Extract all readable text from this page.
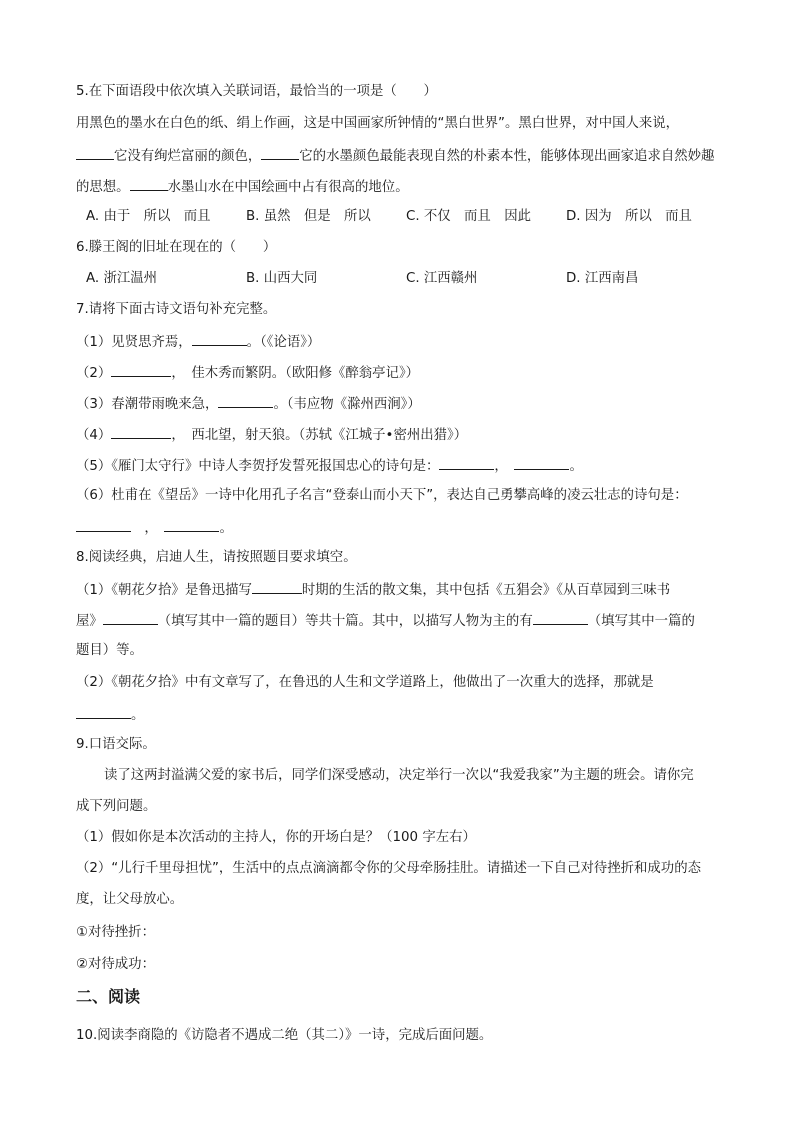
5.在下面语段中依次填入关联词语，最恰当的一项是（　　）
用黑色的墨水在白色的纸、绢上作画，这是中国画家所钟情的“黑白世界”。黑白世界，对中国人来说，
它没有绚烂富丽的颜色，	它的水墨颜色最能表现自然的朴素本性，能够体现出画家追求自然妙趣
的思想。	水墨山水在中国绘画中占有很高的地位。
A. 由于　所以　而且	B. 虽然　但是　所以	C. 不仅　而且　因此	D. 因为　所以　而且
6.滕王阁的旧址在现在的（　　）
A. 浙江温州	B. 山西大同	C. 江西赣州	D. 江西南昌
7.请将下面古诗文语句补充完整。
（1）见贤思齐焉，	。（《论语》）
（2）	，　佳木秀而繁阴。（欧阳修《醉翁亭记》）
（3）春潮带雨晚来急，	。（韦应物《滁州西涧》）
（4）	，　西北望，射天狼。（苏轼《江城子•密州出猎》）
（5）《雁门太守行》中诗人李贺抒发誓死报国忠心的诗句是：	，　	。
（6）杜甫在《望岳》一诗中化用孔子名言“登泰山而小天下”，表达自己勇攀高峰的凌云壮志的诗句是：
　，　	。
8.阅读经典，启迪人生，请按照题目要求填空。
（1）《朝花夕拾》是鲁迅描写	时期的生活的散文集，其中包括《五猖会》《从百草园到三味书
屋》	（填写其中一篇的题目）等共十篇。其中，以描写人物为主的有	（填写其中一篇的
题目）等。
（2）《朝花夕拾》中有文章写了，在鲁迅的人生和文学道路上，他做出了一次重大的选择，那就是
。
9.口语交际。
读了这两封溢满父爱的家书后，同学们深受感动，决定举行一次以“我爱我家”为主题的班会。请你完
成下列问题。
（1）假如你是本次活动的主持人，你的开场白是？（100 字左右）
（2）“儿行千里母担忧”，生活中的点点滴滴都令你的父母牵肠挂肚。请描述一下自己对待挫折和成功的态
度，让父母放心。
①对待挫折：
②对待成功：
二、阅读
10.阅读李商隐的《访隐者不遇成二绝（其二）》一诗，完成后面问题。
